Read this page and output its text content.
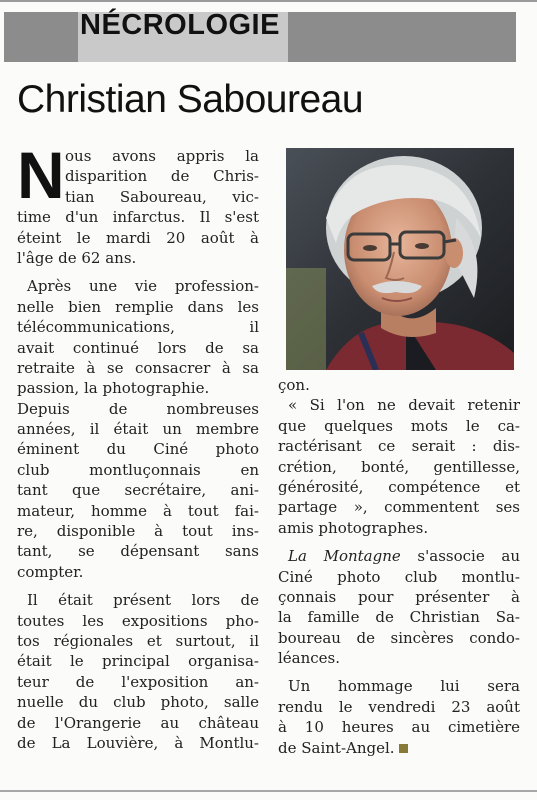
NÉCROLOGIE
Christian Saboureau
N ous avons appris la
disparition de Chris-
tian Saboureau, vic-
time d'un infarctus. Il s'est
éteint le mardi 20 août à
l'âge de 62 ans.
Après une vie profession-
nelle bien remplie dans les
télécommunications, il
avait continué lors de sa
retraite à se consacrer à sa
passion, la photographie.
Depuis de nombreuses
années, il était un membre
éminent du Ciné photo
club montluçonnais en
tant que secrétaire, ani-
mateur, homme à tout fai-
re, disponible à tout ins-
tant, se dépensant sans
compter.
Il était présent lors de
toutes les expositions pho-
tos régionales et surtout, il
était le principal organisa-
teur de l'exposition an-
nuelle du club photo, salle
de l'Orangerie au château
de La Louvière, à Montlu-
çon.
« Si l'on ne devait retenir
que quelques mots le ca-
ractérisant ce serait : dis-
crétion, bonté, gentillesse,
générosité, compétence et
partage », commentent ses
amis photographes.
La Montagne s'associe au
Ciné photo club montlu-
çonnais pour présenter à
la famille de Christian Sa-
boureau de sincères condo-
léances.
Un hommage lui sera
rendu le vendredi 23 août
à 10 heures au cimetière
de Saint-Angel.
